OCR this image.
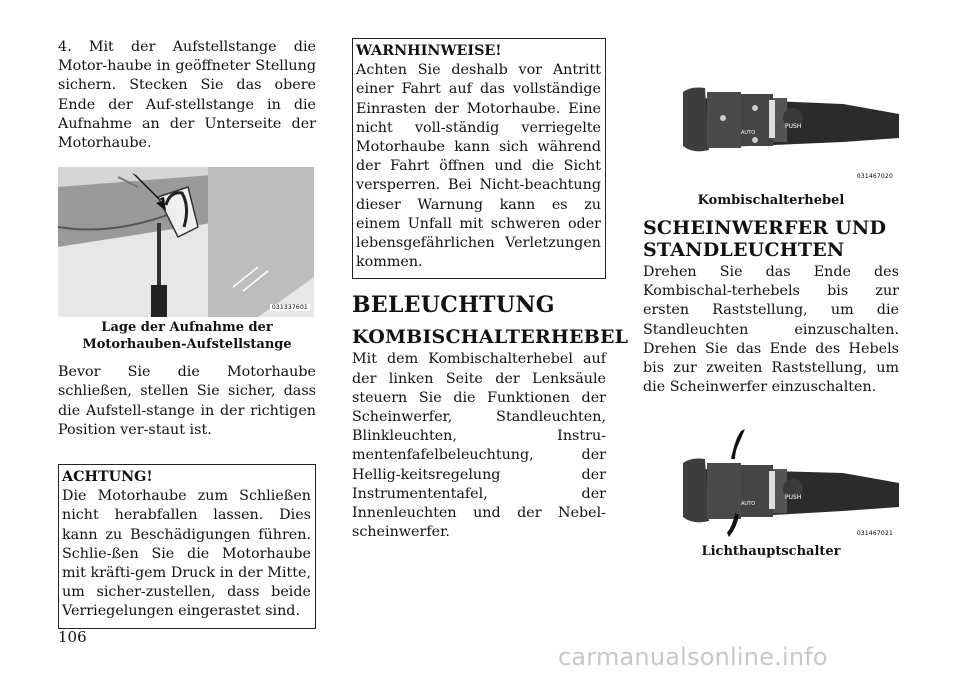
4. Mit der Aufstellstange die Motor-haube in geöffneter Stellung sichern. Stecken Sie das obere Ende der Auf-stellstange in die Aufnahme an der Unterseite der Motorhaube.

031337601
Lage der Aufnahme der
Motorhauben-Aufstellstange

Bevor Sie die Motorhaube schließen, stellen Sie sicher, dass die Aufstell-stange in der richtigen Position ver-staut ist.

ACHTUNG!

Die Motorhaube zum Schließen nicht herabfallen lassen. Dies kann zu Beschädigungen führen. Schlie-ßen Sie die Motorhaube mit kräfti-gem Druck in der Mitte, um sicher-zustellen, dass beide Verriegelungen eingerastet sind.

WARNHINWEISE!

Achten Sie deshalb vor Antritt einer Fahrt auf das vollständige Einrasten der Motorhaube. Eine nicht voll-ständig verriegelte Motorhaube kann sich während der Fahrt öffnen und die Sicht versperren. Bei Nicht-beachtung dieser Warnung kann es zu einem Unfall mit schweren oder lebensgefährlichen Verletzungen kommen.

BELEUCHTUNG
KOMBISCHALTERHEBEL

Mit dem Kombischalterhebel auf der linken Seite der Lenksäule steuern Sie die Funktionen der Scheinwerfer, Standleuchten, Blinkleuchten, Instru-mentenfafelbeleuchtung, der Hellig-keitsregelung der Instrumententafel, der Innenleuchten und der Nebel-scheinwerfer.

PUSH
AUTO
031467020
Kombischalterhebel
SCHEINWERFER UND STANDLEUCHTEN

Drehen Sie das Ende des Kombischal-terhebels bis zur ersten Raststellung, um die Standleuchten einzuschalten. Drehen Sie das Ende des Hebels bis zur zweiten Raststellung, um die Scheinwerfer einzuschalten.

PUSH
AUTO
031467021
Lichthauptschalter
106
carmanualsonline.info
